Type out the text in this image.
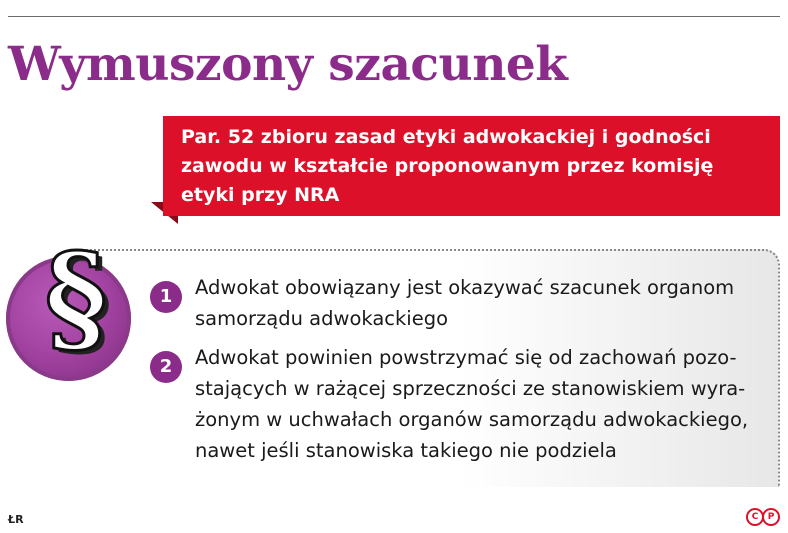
Wymuszony szacunek

Par. 52 zbioru zasad etyki adwokackiej i godności
zawodu w kształcie proponowanym przez komisję
etyki przy NRA

§	1	Adwokat obowiązany jest okazywać szacunek organom
samorządu adwokackiego

2	Adwokat powinien powstrzymać się od zachowań pozo-
stających w rażącej sprzeczności ze stanowiskiem wyra-
żonym w uchwałach organów samorządu adwokackiego,
nawet jeśli stanowiska takiego nie podziela

ŁR	C	P
